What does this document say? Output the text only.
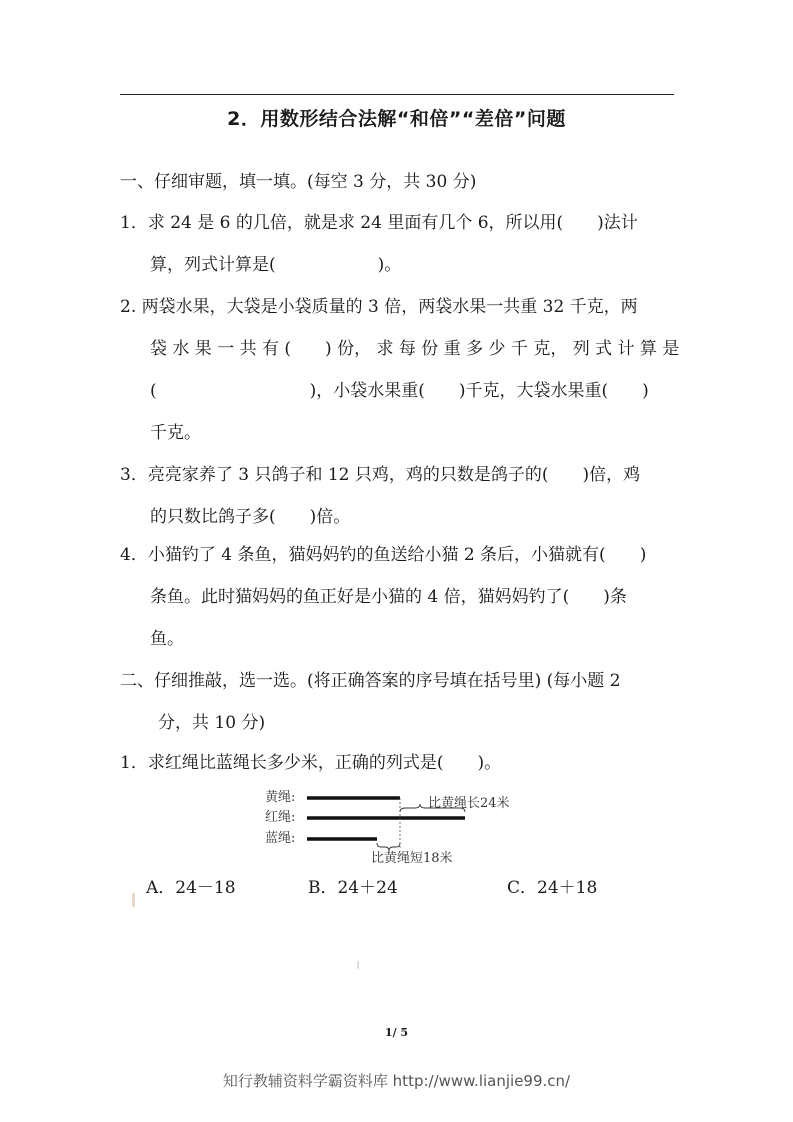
2．用数形结合法解“和倍”“差倍”问题
一、仔细审题，填一填。(每空 3 分，共 30 分)
1．求 24 是 6 的几倍，就是求 24 里面有几个 6，所以用(　　)法计
算，列式计算是(　　　　　　)。
2. 两袋水果，大袋是小袋质量的 3 倍，两袋水果一共重 32 千克，两
袋 水 果 一 共 有 (　　) 份， 求 每 份 重 多 少 千 克， 列 式 计 算 是
(　　　　　　　　　)，小袋水果重(　　)千克，大袋水果重(　　)
千克。
3．亮亮家养了 3 只鸽子和 12 只鸡，鸡的只数是鸽子的(　　)倍，鸡
的只数比鸽子多(　　)倍。
4．小猫钓了 4 条鱼，猫妈妈钓的鱼送给小猫 2 条后，小猫就有(　　)
条鱼。此时猫妈妈的鱼正好是小猫的 4 倍，猫妈妈钓了(　　)条
鱼。
二、仔细推敲，选一选。(将正确答案的序号填在括号里) (每小题 2
分，共 10 分)
1．求红绳比蓝绳长多少米，正确的列式是(　　)。
黄绳:
红绳:
蓝绳:
比黄绳长24米
比黄绳短18米
A．24－18	B．24＋24	C．24＋18
1/ 5
知行教辅资料学霸资料库 http://www.lianjie99.cn/
